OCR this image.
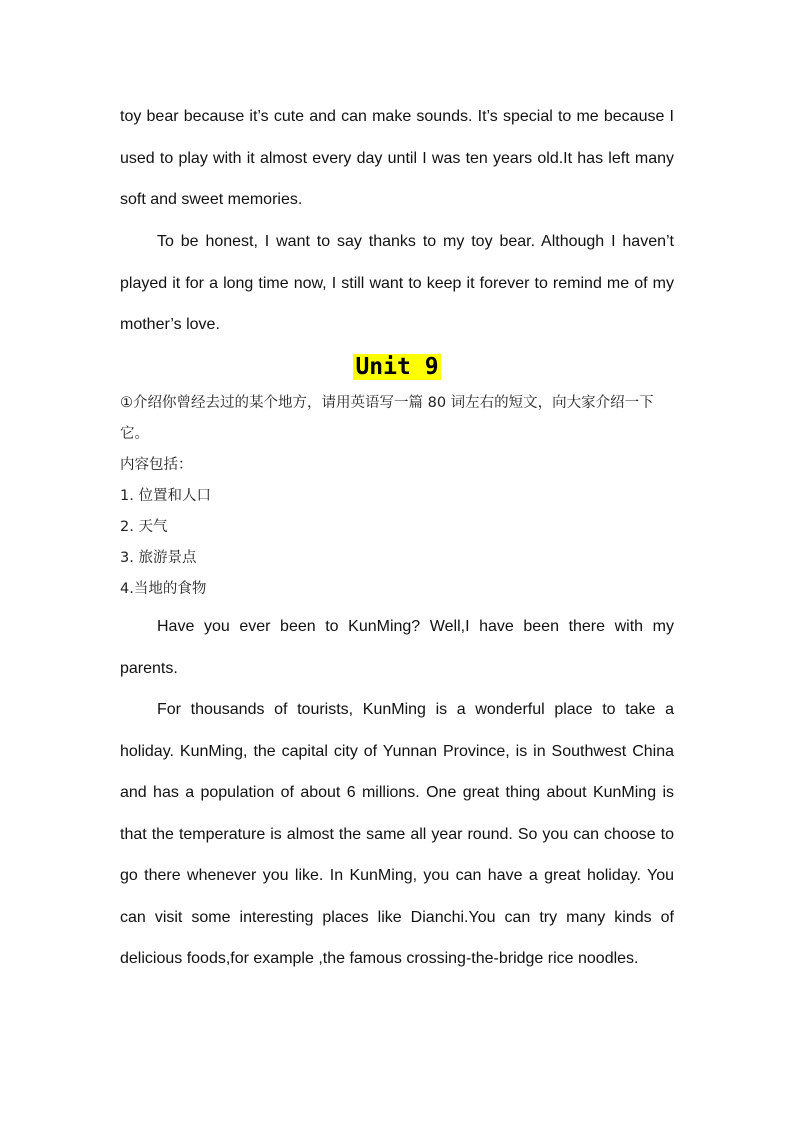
toy bear because it’s cute and can make sounds. It’s special to me because I used to play with it almost every day until I was ten years old.It has left many soft and sweet memories.

To be honest, I want to say thanks to my toy bear. Although I haven’t played it for a long time now, I still want to keep it forever to remind me of my mother’s love.

Unit 9

①介绍你曾经去过的某个地方，请用英语写一篇 80 词左右的短文，向大家介绍一下它。

内容包括：

1. 位置和人口

2. 天气

3. 旅游景点

4.当地的食物

Have you ever been to KunMing? Well,I have been there with my parents.

For thousands of tourists, KunMing is a wonderful place to take a holiday. KunMing, the capital city of Yunnan Province, is in Southwest China and has a population of about 6 millions. One great thing about KunMing is that the temperature is almost the same all year round. So you can choose to go there whenever you like. In KunMing, you can have a great holiday. You can visit some interesting places like Dianchi.You can try many kinds of delicious foods,for example ,the famous crossing-the-bridge rice noodles.
